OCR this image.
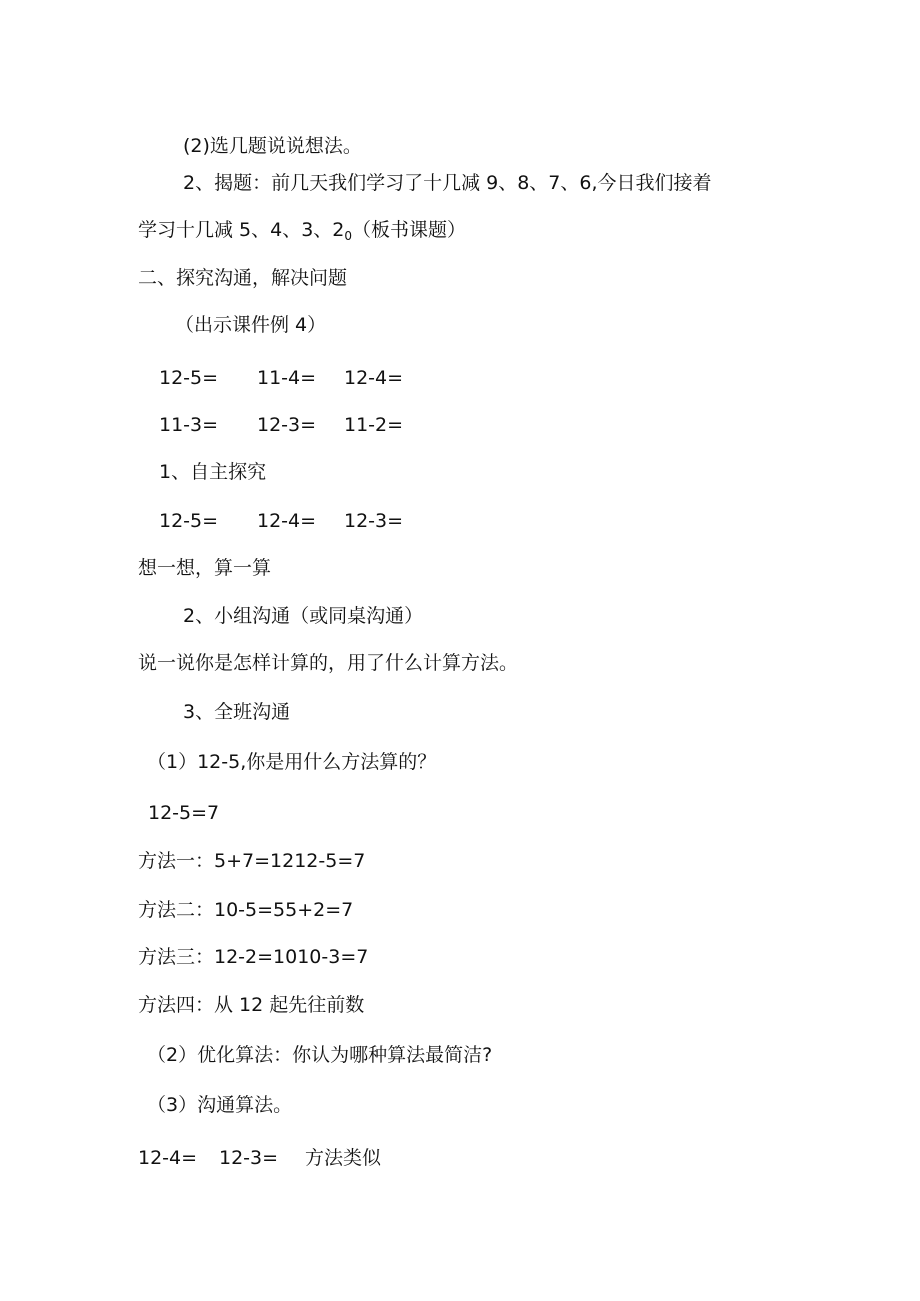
(2)选几题说说想法。
2、揭题：前几天我们学习了十几减 9、8、7、6,今日我们接着
学习十几减 5、4、3、$2_0$（板书课题）
二、探究沟通，解决问题
（出示课件例 4）
12-5= 11-4= 12-4=
11-3= 12-3= 11-2=
1、自主探究
12-5= 12-4= 12-3=
想一想，算一算
2、小组沟通（或同桌沟通）
说一说你是怎样计算的，用了什么计算方法。
3、全班沟通
（1）12-5,你是用什么方法算的？
12-5=7
方法一：5+7=1212-5=7
方法二：10-5=55+2=7
方法三：12-2=1010-3=7
方法四：从 12 起先往前数
（2）优化算法：你认为哪种算法最简洁?
（3）沟通算法。
12-4= 12-3= 方法类似
